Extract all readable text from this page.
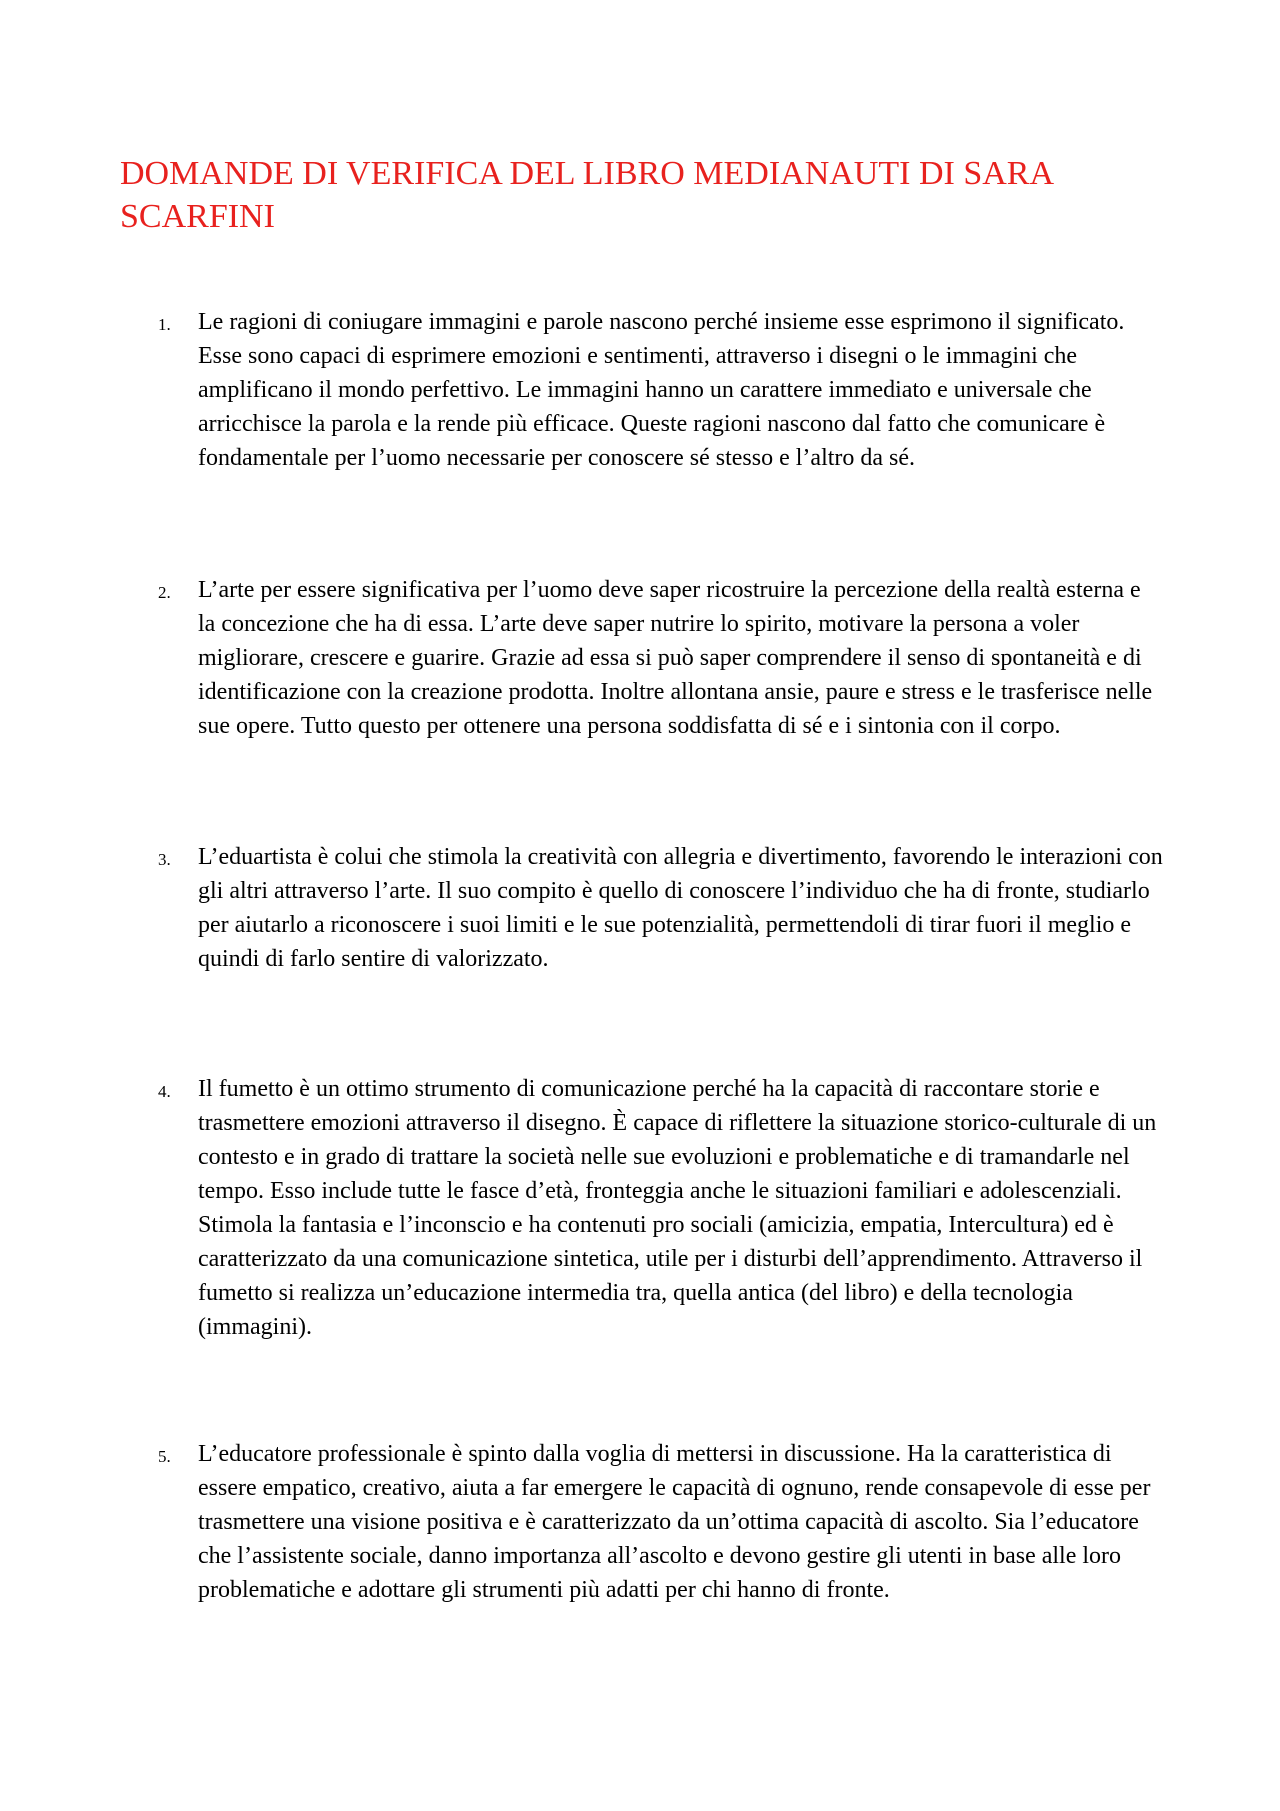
DOMANDE DI VERIFICA DEL LIBRO MEDIANAUTI DI SARA SCARFINI
1.	Le ragioni di coniugare immagini e parole nascono perché insieme esse esprimono il significato. Esse sono capaci di esprimere emozioni e sentimenti, attraverso i disegni o le immagini che amplificano il mondo perfettivo. Le immagini hanno un carattere immediato e universale che arricchisce la parola e la rende più efficace. Queste ragioni nascono dal fatto che comunicare è fondamentale per l’uomo necessarie per conoscere sé stesso e l’altro da sé.

2.	L’arte per essere significativa per l’uomo deve saper ricostruire la percezione della realtà esterna e la concezione che ha di essa. L’arte deve saper nutrire lo spirito, motivare la persona a voler migliorare, crescere e guarire. Grazie ad essa si può saper comprendere il senso di spontaneità e di identificazione con la creazione prodotta. Inoltre allontana ansie, paure e stress e le trasferisce nelle sue opere. Tutto questo per ottenere una persona soddisfatta di sé e i sintonia con il corpo.

3.	L’eduartista è colui che stimola la creatività con allegria e divertimento, favorendo le interazioni con gli altri attraverso l’arte. Il suo compito è quello di conoscere l’individuo che ha di fronte, studiarlo per aiutarlo a riconoscere i suoi limiti e le sue potenzialità, permettendoli di tirar fuori il meglio e quindi di farlo sentire di valorizzato.

4.	Il fumetto è un ottimo strumento di comunicazione perché ha la capacità di raccontare storie e trasmettere emozioni attraverso il disegno. È capace di riflettere la situazione storico-culturale di un contesto e in grado di trattare la società nelle sue evoluzioni e problematiche e di tramandarle nel tempo. Esso include tutte le fasce d’età, fronteggia anche le situazioni familiari e adolescenziali. Stimola la fantasia e l’inconscio e ha contenuti pro sociali (amicizia, empatia, Intercultura) ed è caratterizzato da una comunicazione sintetica, utile per i disturbi dell’apprendimento. Attraverso il fumetto si realizza un’educazione intermedia tra, quella antica (del libro) e della tecnologia (immagini).

5.	L’educatore professionale è spinto dalla voglia di mettersi in discussione. Ha la caratteristica di essere empatico, creativo, aiuta a far emergere le capacità di ognuno, rende consapevole di esse per trasmettere una visione positiva e è caratterizzato da un’ottima capacità di ascolto. Sia l’educatore che l’assistente sociale, danno importanza all’ascolto e devono gestire gli utenti in base alle loro problematiche e adottare gli strumenti più adatti per chi hanno di fronte.
